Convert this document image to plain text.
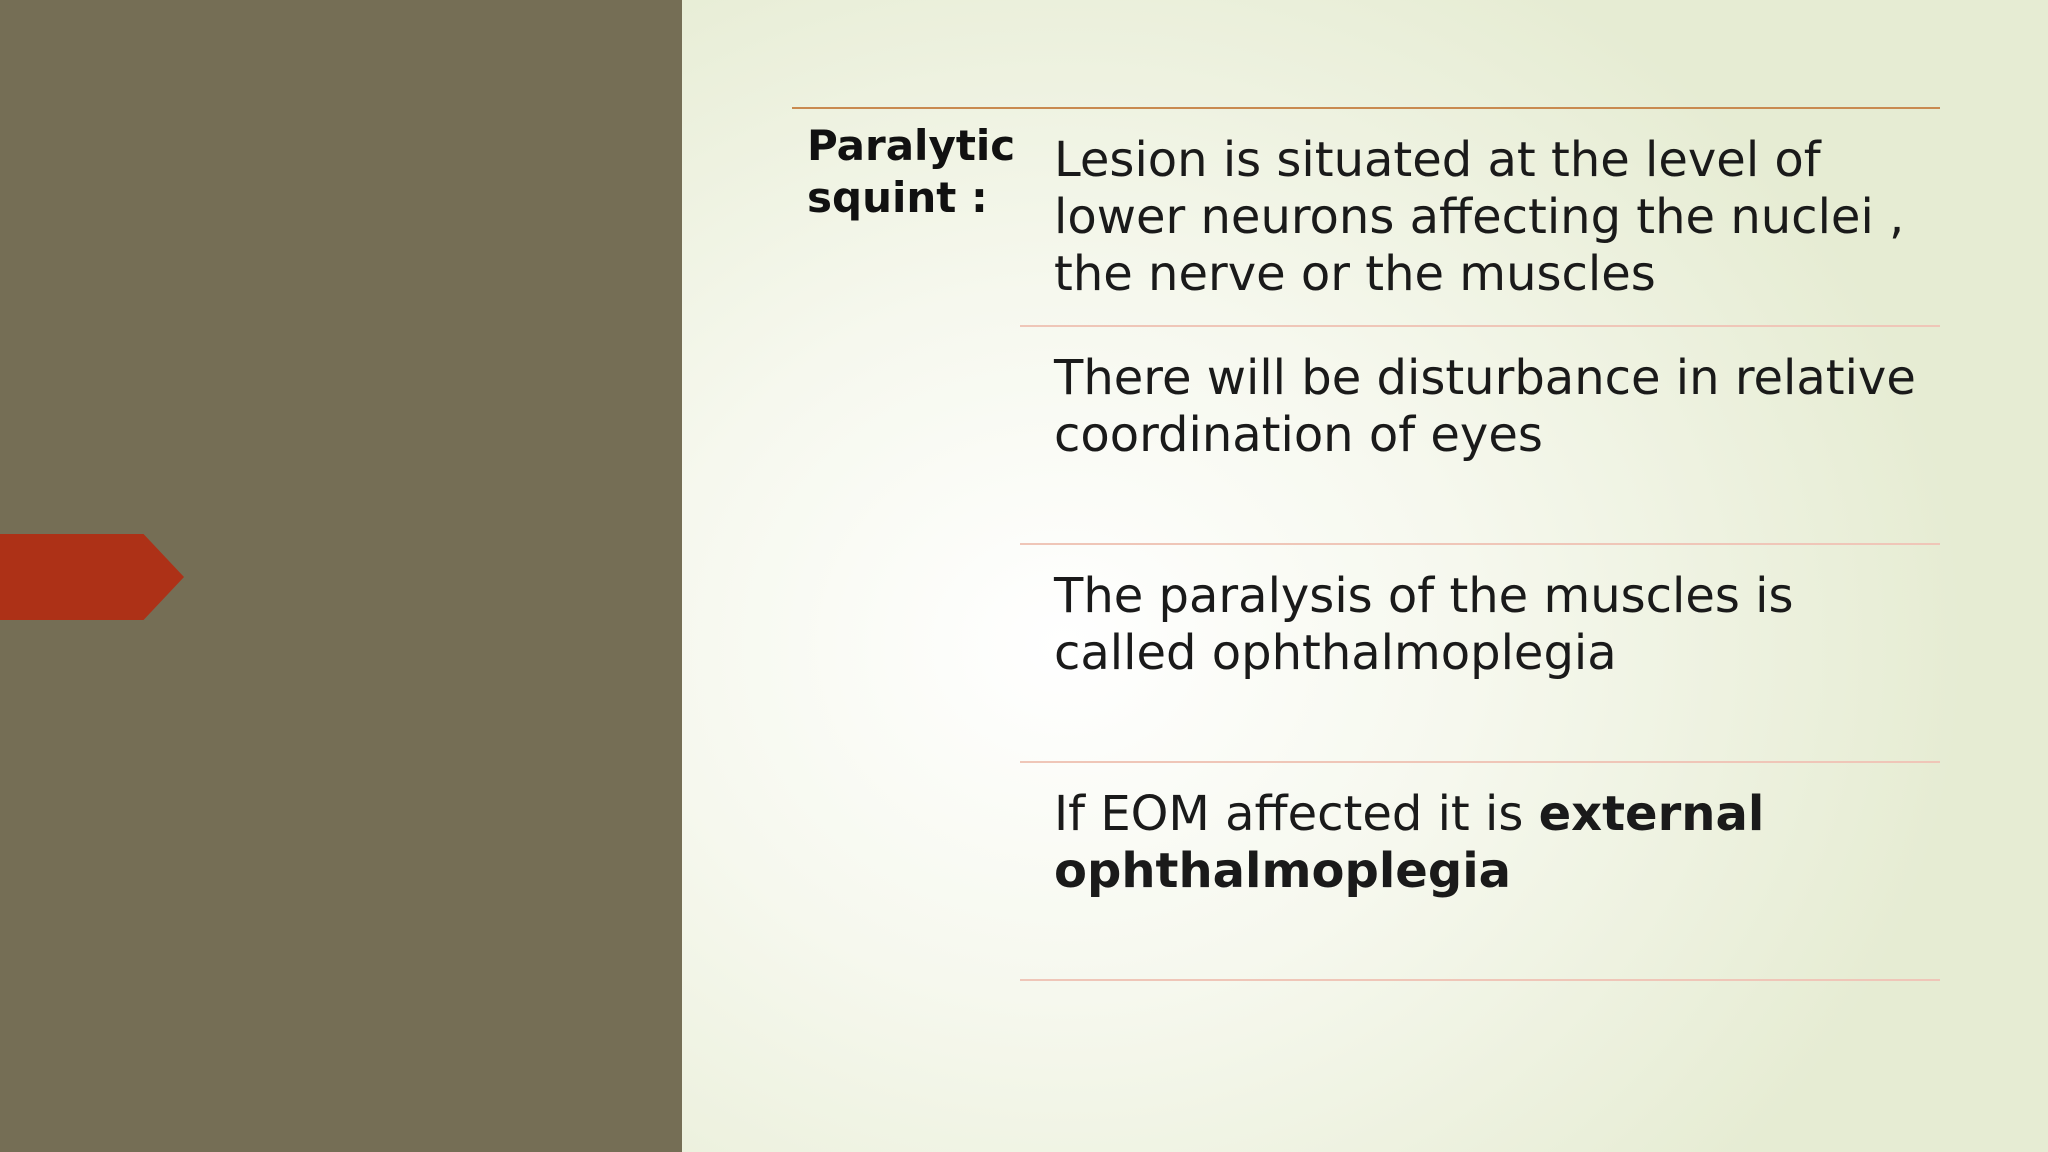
Paralytic squint :
Lesion is situated at the level of lower neurons affecting the nuclei , the nerve or the muscles
There will be disturbance in relative coordination of eyes
The paralysis of the muscles is called ophthalmoplegia
If EOM affected it is external ophthalmoplegia
